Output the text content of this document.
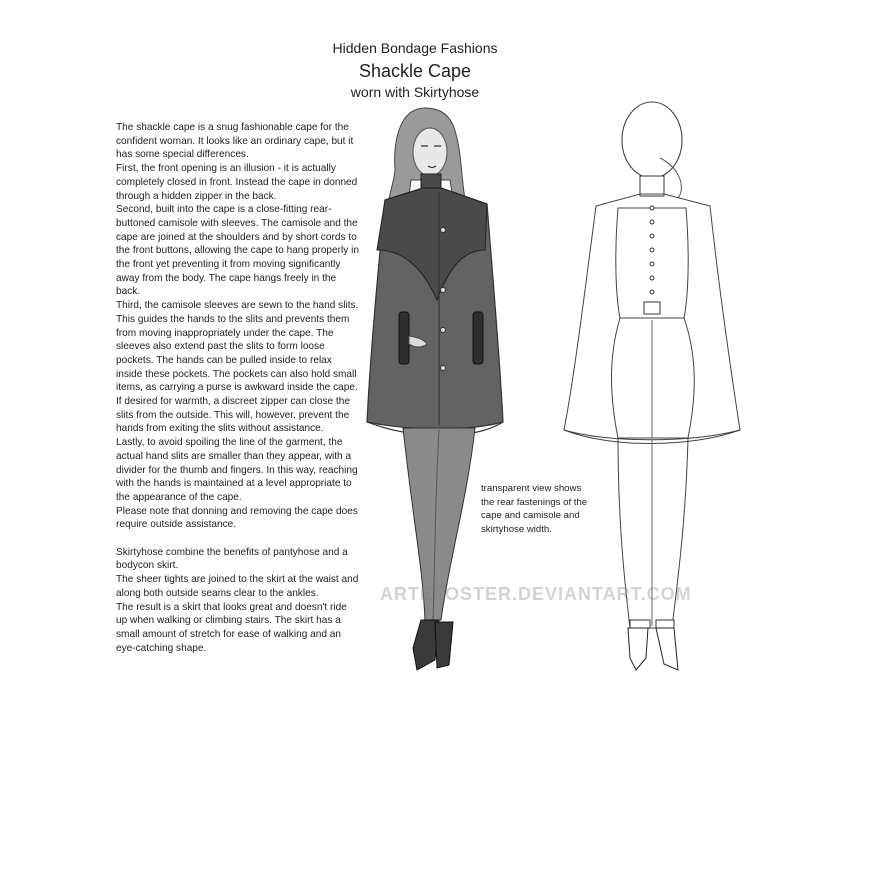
Hidden Bondage Fashions
Shackle Cape
worn with Skirtyhose

The shackle cape is a snug fashionable cape for the confident woman. It looks like an ordinary cape, but it has some special differences.

First, the front opening is an illusion - it is actually completely closed in front. Instead the cape in donned through a hidden zipper in the back.

Second, built into the cape is a close-fitting rear-buttoned camisole with sleeves. The camisole and the cape are joined at the shoulders and by short cords to the front buttons, allowing the cape to hang properly in the front yet preventing it from moving significantly away from the body. The cape hangs freely in the back.

Third, the camisole sleeves are sewn to the hand slits. This guides the hands to the slits and prevents them from moving inappropriately under the cape. The sleeves also extend past the slits to form loose pockets. The hands can be pulled inside to relax inside these pockets. The pockets can also hold small items, as carrying a purse is awkward inside the cape.

If desired for warmth, a discreet zipper can close the slits from the outside. This will, however, prevent the hands from exiting the slits without assistance.

Lastly, to avoid spoiling the line of the garment, the actual hand slits are smaller than they appear, with a divider for the thumb and fingers. In this way, reaching with the hands is maintained at a level appropriate to the appearance of the cape.

Please note that donning and removing the cape does require outside assistance.

Skirtyhose combine the benefits of pantyhose and a bodycon skirt.

The sheer tights are joined to the skirt at the waist and along both outside seams clear to the ankles.

The result is a skirt that looks great and doesn't ride up when walking or climbing stairs. The skirt has a small amount of stretch for ease of walking and an eye-catching shape.

transparent view shows the rear fastenings of the cape and camisole and skirtyhose width.

ARTEFOSTER.DEVIANTART.COM
